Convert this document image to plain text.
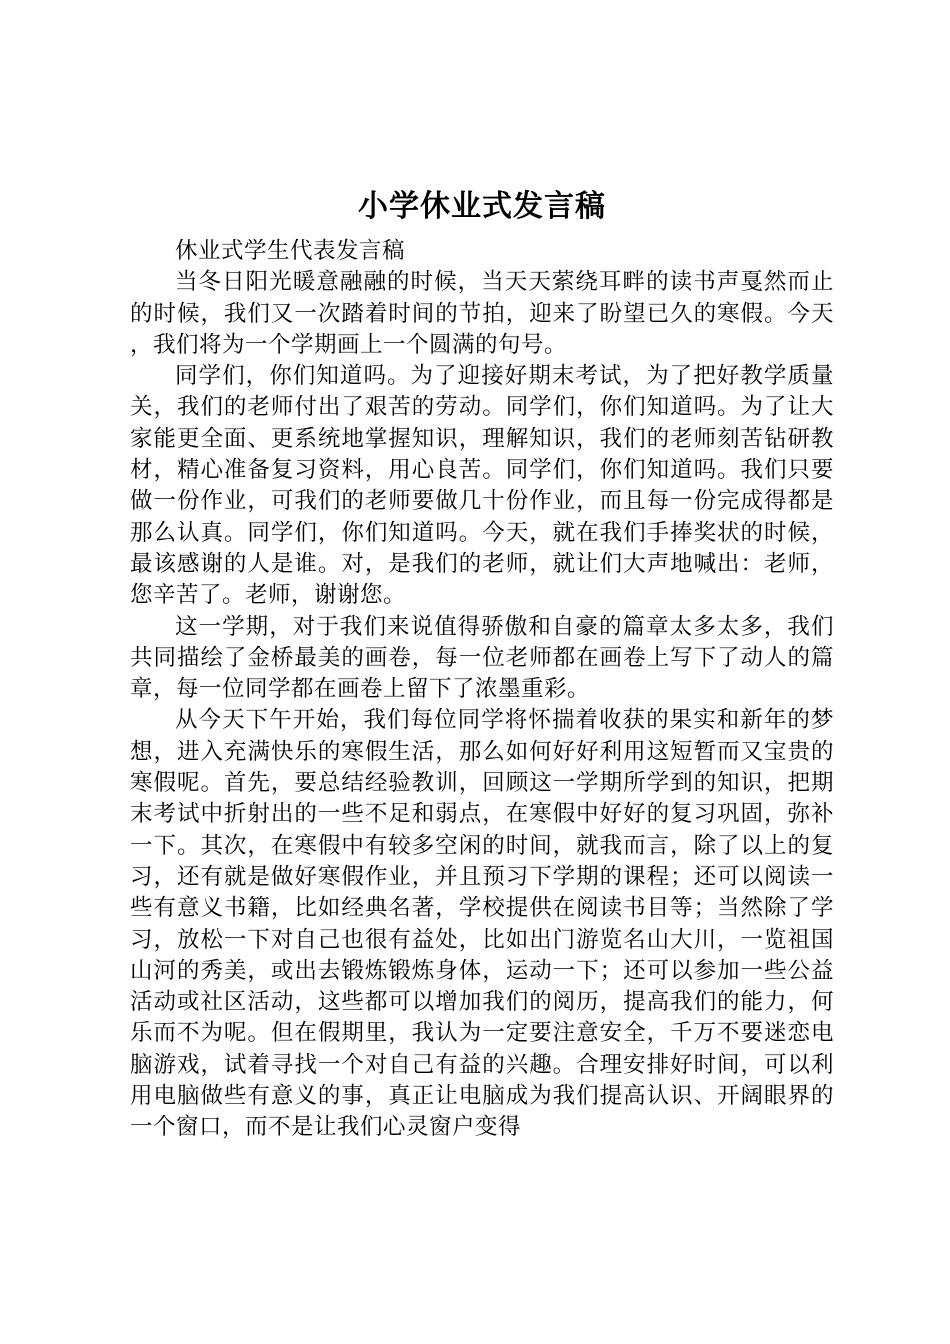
小学休业式发言稿

休业式学生代表发言稿

当冬日阳光暖意融融的时候，当天天萦绕耳畔的读书声戛然而止的时候，我们又一次踏着时间的节拍，迎来了盼望已久的寒假。今天，我们将为一个学期画上一个圆满的句号。

同学们，你们知道吗。为了迎接好期末考试，为了把好教学质量关，我们的老师付出了艰苦的劳动。同学们，你们知道吗。为了让大家能更全面、更系统地掌握知识，理解知识，我们的老师刻苦钻研教材，精心准备复习资料，用心良苦。同学们，你们知道吗。我们只要做一份作业，可我们的老师要做几十份作业，而且每一份完成得都是那么认真。同学们，你们知道吗。今天，就在我们手捧奖状的时候，最该感谢的人是谁。对，是我们的老师，就让们大声地喊出：老师，您辛苦了。老师，谢谢您。

这一学期，对于我们来说值得骄傲和自豪的篇章太多太多，我们共同描绘了金桥最美的画卷，每一位老师都在画卷上写下了动人的篇章，每一位同学都在画卷上留下了浓墨重彩。

从今天下午开始，我们每位同学将怀揣着收获的果实和新年的梦想，进入充满快乐的寒假生活，那么如何好好利用这短暂而又宝贵的寒假呢。首先，要总结经验教训，回顾这一学期所学到的知识，把期末考试中折射出的一些不足和弱点，在寒假中好好的复习巩固，弥补一下。其次，在寒假中有较多空闲的时间，就我而言，除了以上的复习，还有就是做好寒假作业，并且预习下学期的课程；还可以阅读一些有意义书籍，比如经典名著，学校提供在阅读书目等；当然除了学习，放松一下对自己也很有益处，比如出门游览名山大川，一览祖国山河的秀美，或出去锻炼锻炼身体，运动一下；还可以参加一些公益活动或社区活动，这些都可以增加我们的阅历，提高我们的能力，何乐而不为呢。但在假期里，我认为一定要注意安全，千万不要迷恋电脑游戏，试着寻找一个对自己有益的兴趣。合理安排好时间，可以利用电脑做些有意义的事，真正让电脑成为我们提高认识、开阔眼界的一个窗口，而不是让我们心灵窗户变得
